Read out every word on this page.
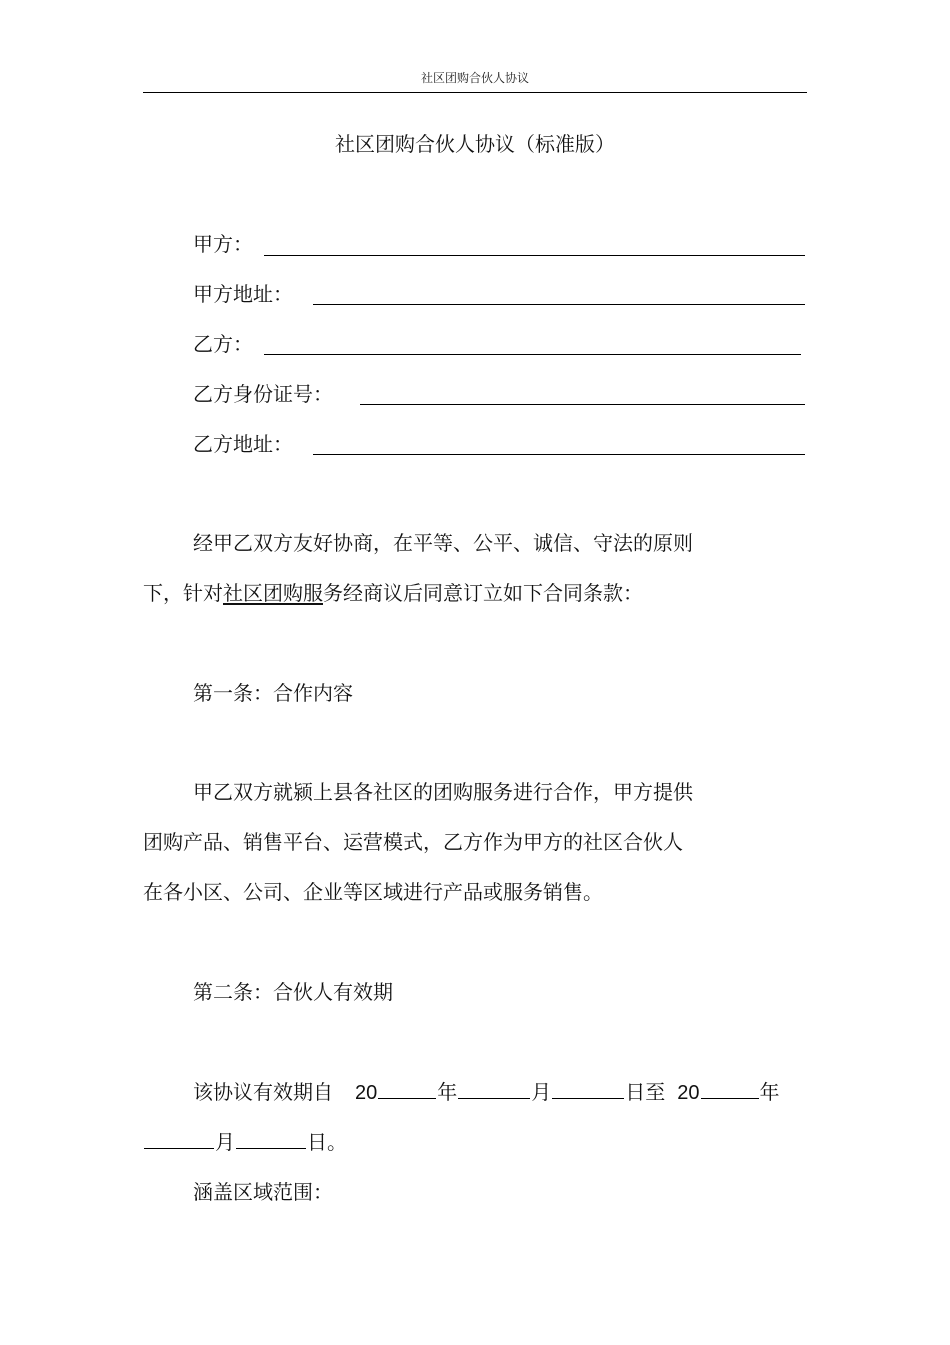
社区团购合伙人协议
社区团购合伙人协议（标准版）
甲方：
甲方地址：
乙方：
乙方身份证号：
乙方地址：
经甲乙双方友好协商，在平等、公平、诚信、守法的原则
下，针对社区团购服务经商议后同意订立如下合同条款：
第一条：合作内容
甲乙双方就颍上县各社区的团购服务进行合作，甲方提供
团购产品、销售平台、运营模式，乙方作为甲方的社区合伙人
在各小区、公司、企业等区域进行产品或服务销售。
第二条：合伙人有效期
该协议有效期自 20	年	月	日至 20	年
月	日。
涵盖区域范围：
